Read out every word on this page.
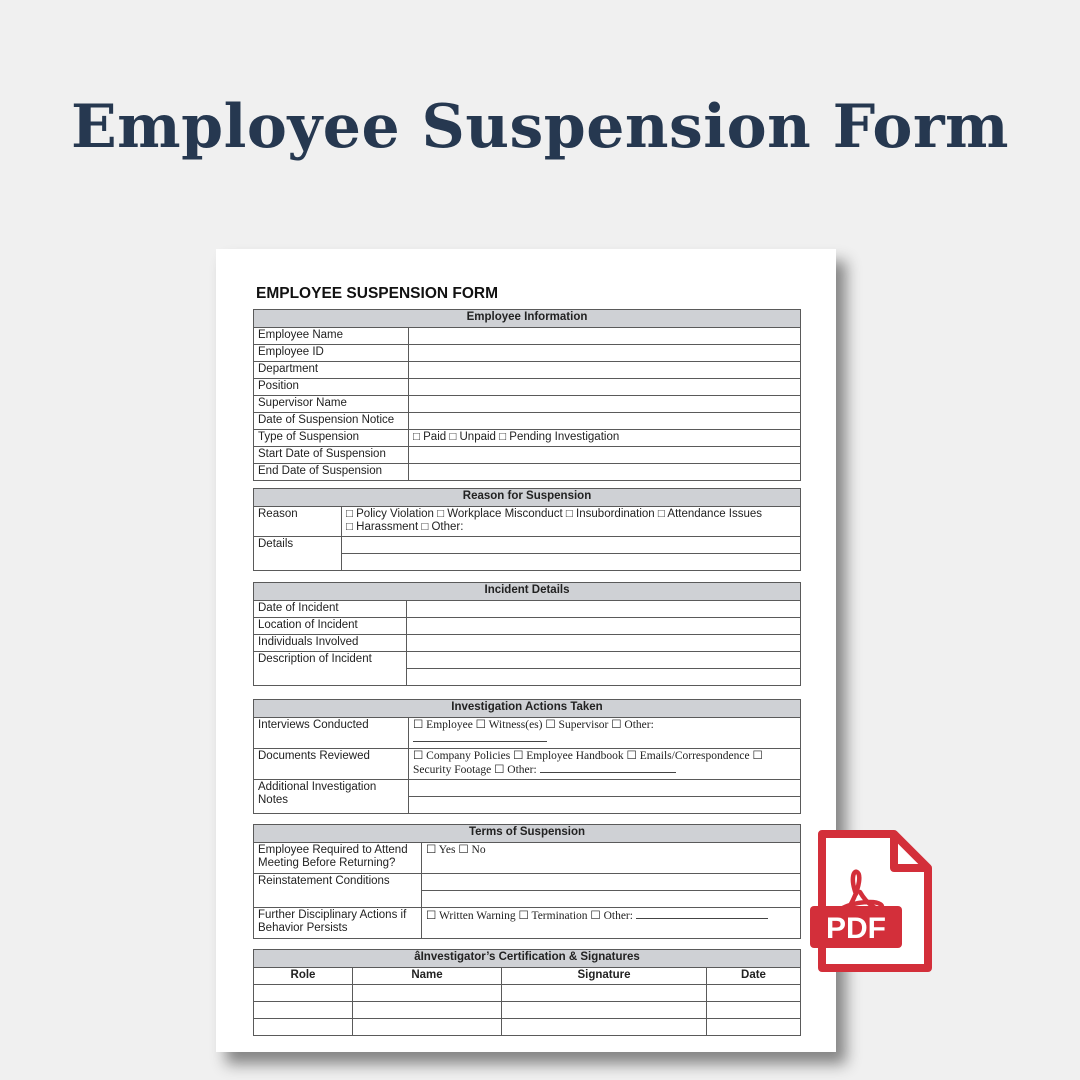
Employee Suspension Form
EMPLOYEE SUSPENSION FORM
Employee Information	
Employee Name	
Employee ID	
Department	
Position	
Supervisor Name	
Date of Suspension Notice	
Type of Suspension	□ Paid □ Unpaid □ Pending Investigation
Start Date of Suspension	
End Date of Suspension	
Reason for Suspension	
Reason	□ Policy Violation □ Workplace Misconduct □ Insubordination □ Attendance Issues
□ Harassment □ Other:

Details	

Incident Details	
Date of Incident	
Location of Incident	
Individuals Involved	
Description of Incident	

Investigation Actions Taken	
Interviews Conducted	☐ Employee ☐ Witness(es) ☐ Supervisor ☐ Other:

Documents Reviewed	☐ Company Policies ☐ Employee Handbook ☐ Emails/Correspondence ☐ Security Footage ☐ Other:
Additional Investigation Notes	

Terms of Suspension	
Employee Required to Attend Meeting Before Returning?	☐ Yes ☐ No
Reinstatement Conditions	

Further Disciplinary Actions if Behavior Persists	☐ Written Warning ☐ Termination ☐ Other:
âInvestigator’s Certification & Signatures			
Role	Name	Signature	Date

PDF
